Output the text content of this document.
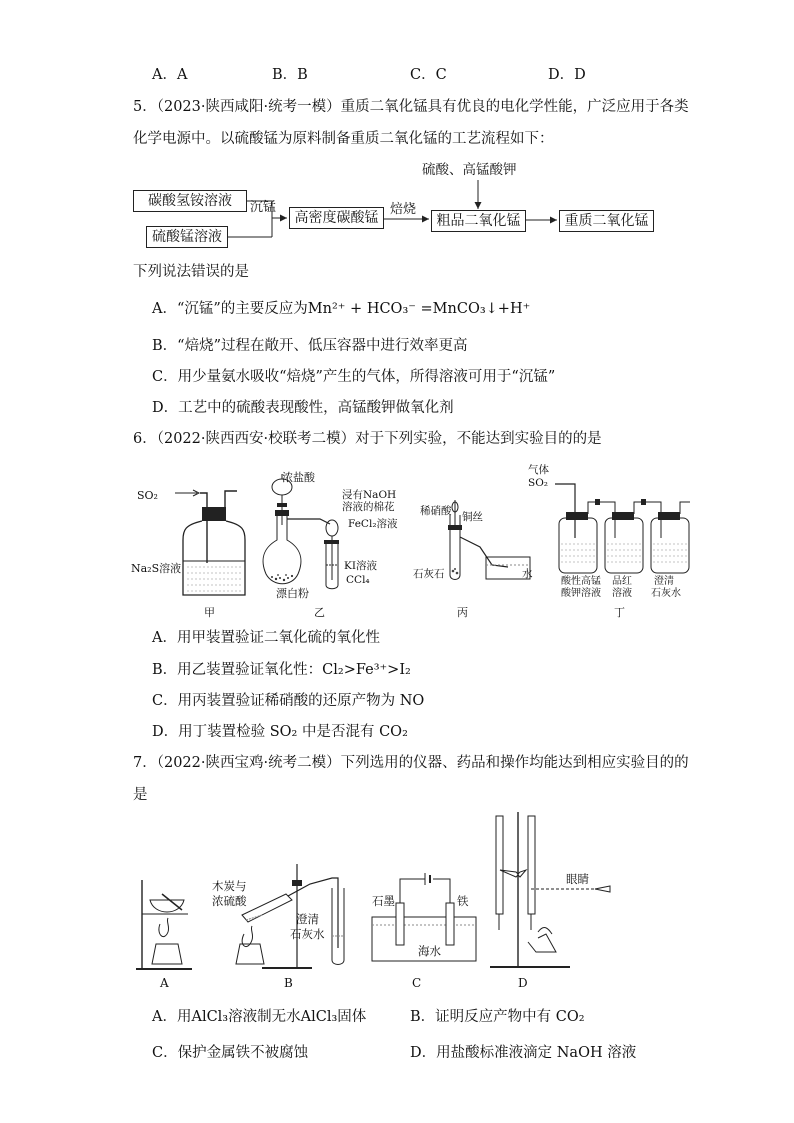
A．A	B．B	C．C	D．D
5．（2023·陕西咸阳·统考一模）重质二氧化锰具有优良的电化学性能，广泛应用于各类
化学电源中。以硫酸锰为原料制备重质二氧化锰的工艺流程如下：
碳酸氢铵溶液
硫酸锰溶液
沉锰
高密度碳酸锰
焙烧
粗品二氧化锰
硫酸、高锰酸钾
重质二氧化锰
下列说法错误的是
A．“沉锰”的主要反应为Mn²⁺ + HCO₃⁻ =MnCO₃↓+H⁺
B．“焙烧”过程在敞开、低压容器中进行效率更高
C．用少量氨水吸收“焙烧”产生的气体，所得溶液可用于“沉锰”
D．工艺中的硫酸表现酸性，高锰酸钾做氧化剂
6．（2022·陕西西安·校联考二模）对于下列实验，不能达到实验目的的是
SO₂
Na₂S溶液
甲
浓盐酸
浸有NaOH
溶液的棉花
FeCl₂溶液
KI溶液
CCl₄
漂白粉
乙
稀硝酸 铜丝
石灰石	水
丙
气体
SO₂
酸性高锰
酸钾溶液
品红
溶液
澄清
石灰水
丁
A．用甲装置验证二氧化硫的氧化性
B．用乙装置验证氧化性：Cl₂>Fe³⁺>I₂
C．用丙装置验证稀硝酸的还原产物为 NO
D．用丁装置检验 SO₂ 中是否混有 CO₂
7．（2022·陕西宝鸡·统考二模）下列选用的仪器、药品和操作均能达到相应实验目的的
是
A
木炭与
浓硫酸
澄清
石灰水
B
石墨	铁
海水
C
眼睛
D
A．用AlCl₃溶液制无水AlCl₃固体	B．证明反应产物中有 CO₂
C．保护金属铁不被腐蚀	D．用盐酸标准液滴定 NaOH 溶液
